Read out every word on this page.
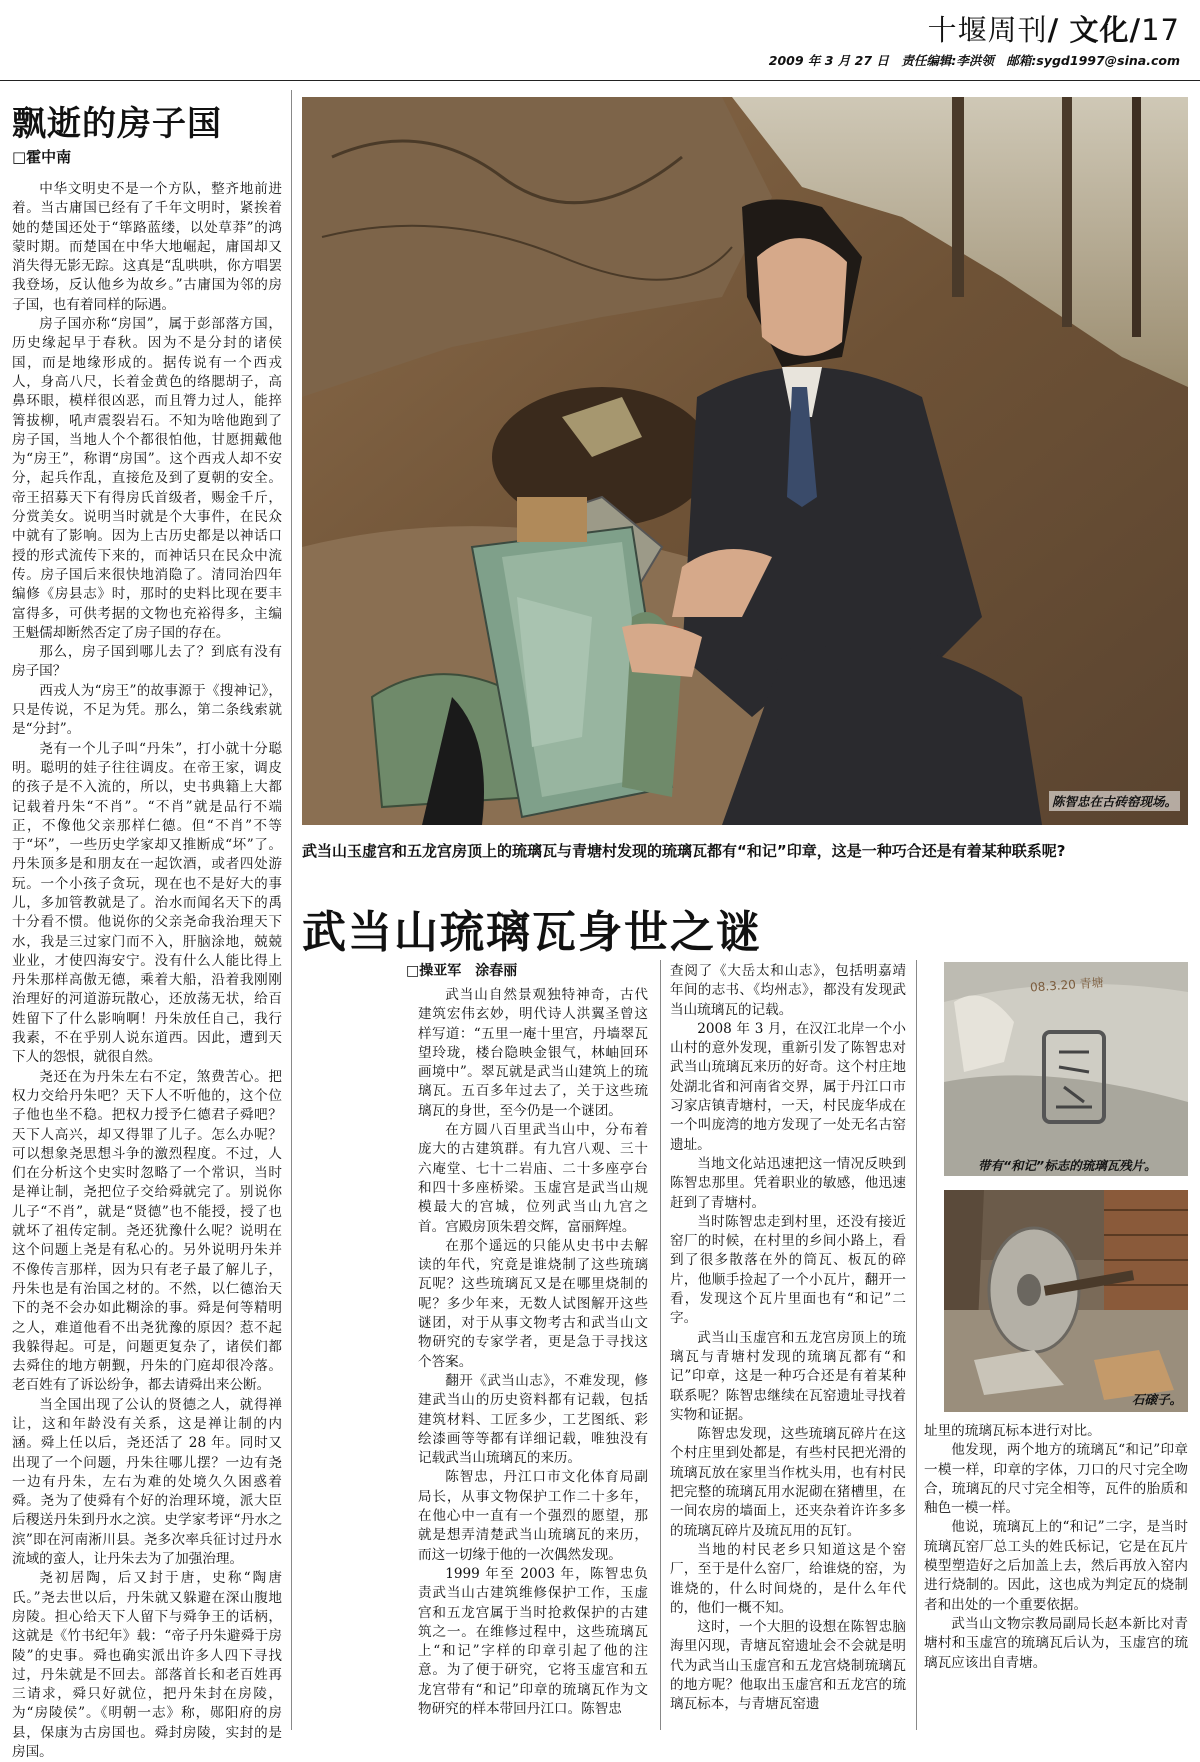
十堰周刊/ 文化/17
2009 年 3 月 27 日　责任编辑:李洪领　邮箱:sygd1997@sina.com
飘逝的房子国
□霍中南

中华文明史不是一个方队，整齐地前进着。当古庸国已经有了千年文明时，紧挨着她的楚国还处于“筚路蓝缕，以处草莽”的鸿蒙时期。而楚国在中华大地崛起，庸国却又消失得无影无踪。这真是“乱哄哄，你方唱罢我登场，反认他乡为故乡。”古庸国为邻的房子国，也有着同样的际遇。

房子国亦称“房国”，属于彭部落方国，历史缘起早于春秋。因为不是分封的诸侯国，而是地缘形成的。据传说有一个西戎人，身高八尺，长着金黄色的络腮胡子，高鼻环眼，模样很凶恶，而且膂力过人，能捽箐拔柳，吼声震裂岩石。不知为啥他跑到了房子国，当地人个个都很怕他，甘愿拥戴他为“房王”，称谓“房国”。这个西戎人却不安分，起兵作乱，直接危及到了夏朝的安全。帝王招募天下有得房氏首级者，赐金千斤，分赏美女。说明当时就是个大事件，在民众中就有了影响。因为上古历史都是以神话口授的形式流传下来的，而神话只在民众中流传。房子国后来很快地消隐了。清同治四年编修《房县志》时，那时的史料比现在要丰富得多，可供考据的文物也充裕得多，主编王魁儒却断然否定了房子国的存在。

那么，房子国到哪儿去了？到底有没有房子国？

西戎人为“房王”的故事源于《搜神记》，只是传说，不足为凭。那么，第二条线索就是“分封”。

尧有一个儿子叫“丹朱”，打小就十分聪明。聪明的娃子往往调皮。在帝王家，调皮的孩子是不入流的，所以，史书典籍上大都记载着丹朱“不肖”。“不肖”就是品行不端正，不像他父亲那样仁德。但“不肖”不等于“坏”，一些历史学家却又推断成“坏”了。丹朱顶多是和朋友在一起饮酒，或者四处游玩。一个小孩子贪玩，现在也不是好大的事儿，多加管教就是了。治水而闻名天下的禹十分看不惯。他说你的父亲尧命我治理天下水，我是三过家门而不入，肝脑涂地，兢兢业业，才使四海安宁。没有什么人能比得上丹朱那样高傲无德，乘着大船，沿着我刚刚治理好的河道游玩散心，还放荡无状，给百姓留下了什么影响啊！丹朱放任自己，我行我素，不在乎别人说东道西。因此，遭到天下人的怨恨，就很自然。

尧还在为丹朱左右不定，煞费苦心。把权力交给丹朱吧？天下人不听他的，这个位子他也坐不稳。把权力授予仁德君子舜吧？天下人高兴，却又得罪了儿子。怎么办呢？可以想象尧思想斗争的激烈程度。不过，人们在分析这个史实时忽略了一个常识，当时是禅让制，尧把位子交给舜就完了。别说你儿子“不肖”，就是“贤德”也不能授，授了也就坏了祖传定制。尧还犹豫什么呢？说明在这个问题上尧是有私心的。另外说明丹朱并不像传言那样，因为只有老子最了解儿子，丹朱也是有治国之材的。不然，以仁德治天下的尧不会办如此糊涂的事。舜是何等精明之人，难道他看不出尧犹豫的原因？惹不起我躲得起。可是，问题更复杂了，诸侯们都去舜住的地方朝觐，丹朱的门庭却很冷落。老百姓有了诉讼纷争，都去请舜出来公断。

当全国出现了公认的贤德之人，就得禅让，这和年龄没有关系，这是禅让制的内涵。舜上任以后，尧还活了 28 年。同时又出现了一个问题，丹朱往哪儿摆？一边有尧一边有丹朱，左右为难的处境久久困惑着舜。尧为了使舜有个好的治理环境，派大臣后稷送丹朱到丹水之滨。史学家考评“丹水之滨”即在河南淅川县。尧多次率兵征讨过丹水流域的蛮人，让丹朱去为了加强治理。

尧初居陶，后又封于唐，史称“陶唐氏。”尧去世以后，丹朱就又躲避在深山腹地房陵。担心给天下人留下与舜争王的话柄，这就是《竹书纪年》载：“帝子丹朱避舜于房陵”的史事。舜也确实派出许多人四下寻找过，丹朱就是不回去。部落首长和老百姓再三请求，舜只好就位，把丹朱封在房陵，为“房陵侯”。《明朝一志》称，郧阳府的房县，保康为古房国也。舜封房陵，实封的是房国。

陈智忠在古砖窑现场。
武当山玉虚宫和五龙宫房顶上的琉璃瓦与青塘村发现的琉璃瓦都有“和记”印章，这是一种巧合还是有着某种联系呢?
武当山琉璃瓦身世之谜
□操亚军　涂春丽

武当山自然景观独特神奇，古代建筑宏伟玄妙，明代诗人洪翼圣曾这样写道：“五里一庵十里宫，丹墙翠瓦望玲珑，楼台隐映金银气，林岫回环画境中”。翠瓦就是武当山建筑上的琉璃瓦。五百多年过去了，关于这些琉璃瓦的身世，至今仍是一个谜团。

在方圆八百里武当山中，分布着庞大的古建筑群。有九宫八观、三十六庵堂、七十二岩庙、二十多座亭台和四十多座桥梁。玉虚宫是武当山规模最大的宫城，位列武当山九宫之首。宫殿房顶朱碧交辉，富丽辉煌。

在那个遥远的只能从史书中去解读的年代，究竟是谁烧制了这些琉璃瓦呢？这些琉璃瓦又是在哪里烧制的呢？多少年来，无数人试图解开这些谜团，对于从事文物考古和武当山文物研究的专家学者，更是急于寻找这个答案。

翻开《武当山志》，不难发现，修建武当山的历史资料都有记载，包括建筑材料、工匠多少，工艺图纸、彩绘漆画等等都有详细记载，唯独没有记载武当山琉璃瓦的来历。

陈智忠，丹江口市文化体育局副局长，从事文物保护工作二十多年，在他心中一直有一个强烈的愿望，那就是想弄清楚武当山琉璃瓦的来历，而这一切缘于他的一次偶然发现。

1999 年至 2003 年，陈智忠负责武当山古建筑维修保护工作，玉虚宫和五龙宫属于当时抢救保护的古建筑之一。在维修过程中，这些琉璃瓦上“和记”字样的印章引起了他的注意。为了便于研究，它将玉虚宫和五龙宫带有“和记”印章的琉璃瓦作为文物研究的样本带回丹江口。陈智忠

查阅了《大岳太和山志》，包括明嘉靖年间的志书、《均州志》，都没有发现武当山琉璃瓦的记载。

2008 年 3 月，在汉江北岸一个小山村的意外发现，重新引发了陈智忠对武当山琉璃瓦来历的好奇。这个村庄地处湖北省和河南省交界，属于丹江口市习家店镇青塘村，一天，村民庞华成在一个叫庞湾的地方发现了一处无名古窑遗址。

当地文化站迅速把这一情况反映到陈智忠那里。凭着职业的敏感，他迅速赶到了青塘村。

当时陈智忠走到村里，还没有接近窑厂的时候，在村里的乡间小路上，看到了很多散落在外的筒瓦、板瓦的碎片，他顺手捡起了一个小瓦片，翻开一看，发现这个瓦片里面也有“和记”二字。

武当山玉虚宫和五龙宫房顶上的琉璃瓦与青塘村发现的琉璃瓦都有“和记”印章，这是一种巧合还是有着某种联系呢？陈智忠继续在瓦窑遗址寻找着实物和证据。

陈智忠发现，这些琉璃瓦碎片在这个村庄里到处都是，有些村民把光滑的琉璃瓦放在家里当作枕头用，也有村民把完整的琉璃瓦用水泥砌在猪槽里，在一间农房的墙面上，还夹杂着许许多多的琉璃瓦碎片及琉瓦用的瓦钉。

当地的村民老乡只知道这是个窑厂，至于是什么窑厂，给谁烧的窑，为谁烧的，什么时间烧的，是什么年代的，他们一概不知。

这时，一个大胆的设想在陈智忠脑海里闪现，青塘瓦窑遗址会不会就是明代为武当山玉虚宫和五龙宫烧制琉璃瓦的地方呢？他取出玉虚宫和五龙宫的琉璃瓦标本，与青塘瓦窑遗

址里的琉璃瓦标本进行对比。

他发现，两个地方的琉璃瓦“和记”印章一模一样，印章的字体，刀口的尺寸完全吻合，琉璃瓦的尺寸完全相等，瓦件的胎质和釉色一模一样。

他说，琉璃瓦上的“和记”二字，是当时琉璃瓦窑厂总工头的姓氏标记，它是在瓦片模型塑造好之后加盖上去，然后再放入窑内进行烧制的。因此，这也成为判定瓦的烧制者和出处的一个重要依据。

武当山文物宗教局副局长赵本新比对青塘村和玉虚宫的琉璃瓦后认为，玉虚宫的琉璃瓦应该出自青塘。

08.3.20 青塘
带有“和记”标志的琉璃瓦残片。
石磙子。
